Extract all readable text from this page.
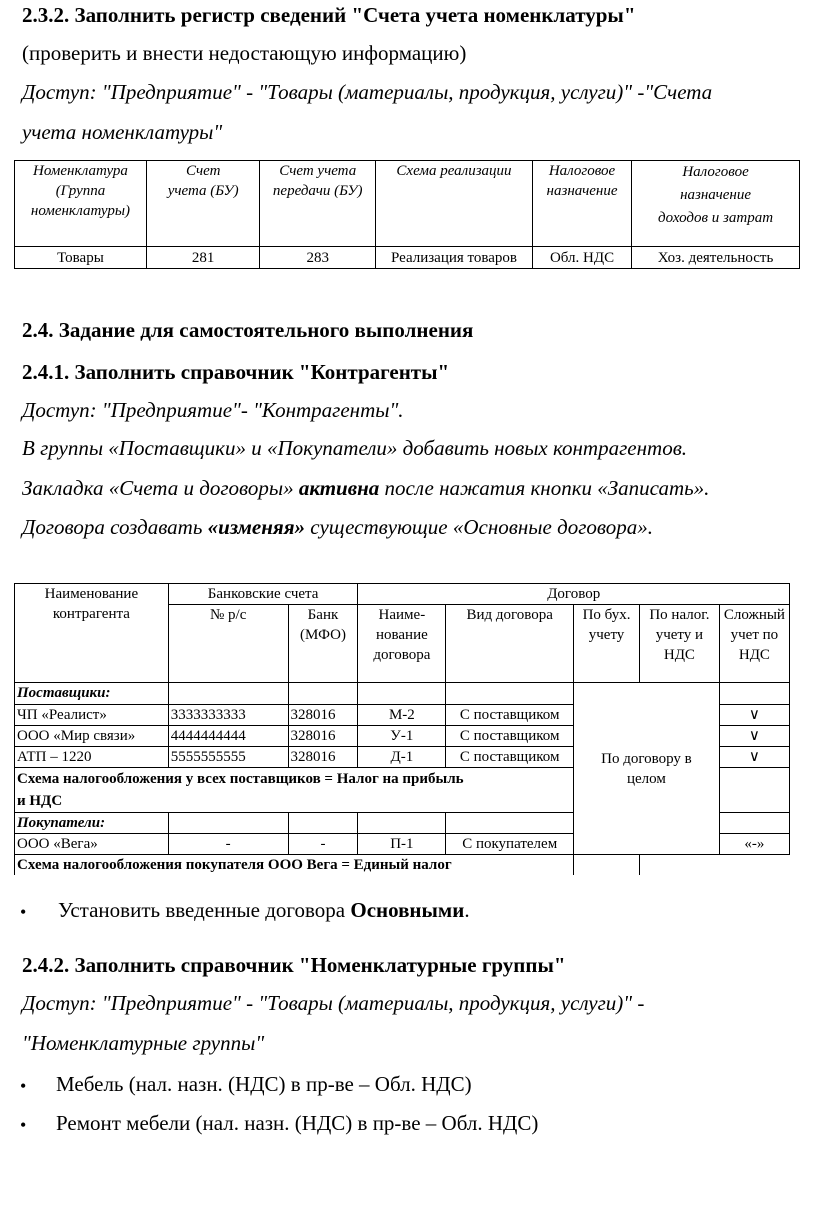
2.3.2. Заполнить регистр сведений "Счета учета номенклатуры"
(проверить и внести недостающую информацию)
Доступ: "Предприятие" - "Товары (материалы, продукция, услуги)" -"Счета
учета номенклатуры"
Номенклатура (Группа номенклатуры)	Счет учета (БУ)	Счет учета передачи (БУ)	Схема реализации	Налоговое назначение	Налоговое назначение доходов и затрат
Товары	281	283	Реализация товаров	Обл. НДС	Хоз. деятельность
2.4. Задание для самостоятельного выполнения
2.4.1. Заполнить справочник "Контрагенты"
Доступ: "Предприятие"- "Контрагенты".
В группы «Поставщики» и «Покупатели» добавить новых контрагентов.
Закладка «Счета и договоры» активна после нажатия кнопки «Записать».
Договора создавать «изменяя» существующие «Основные договора».
Наименование контрагента	Банковские счета		Договор				
	№ р/с	Банк (МФО)	Наиме-нование договора	Вид договора	По бух. учету	По налог. учету и НДС	Сложный учет по НДС
Поставщики:					По договору в целом		
ЧП «Реалист»	3333333333	328016	М-2	С поставщиком			∨
ООО «Мир связи»	4444444444	328016	У-1	С поставщиком			∨
АТП – 1220	5555555555	328016	Д-1	С поставщиком			∨
Схема налогообложения у всех поставщиков = Налог на прибыль и НДС							
Покупатели:							
ООО «Вега»	-	-	П-1	С покупателем			«-»
Схема налогообложения покупателя ООО Вега = Единый налог							
• Установить введенные договора Основными.
2.4.2. Заполнить справочник "Номенклатурные группы"
Доступ: "Предприятие" - "Товары (материалы, продукция, услуги)" -
"Номенклатурные группы"
• Мебель (нал. назн. (НДС) в пр-ве – Обл. НДС)
• Ремонт мебели (нал. назн. (НДС) в пр-ве – Обл. НДС)
